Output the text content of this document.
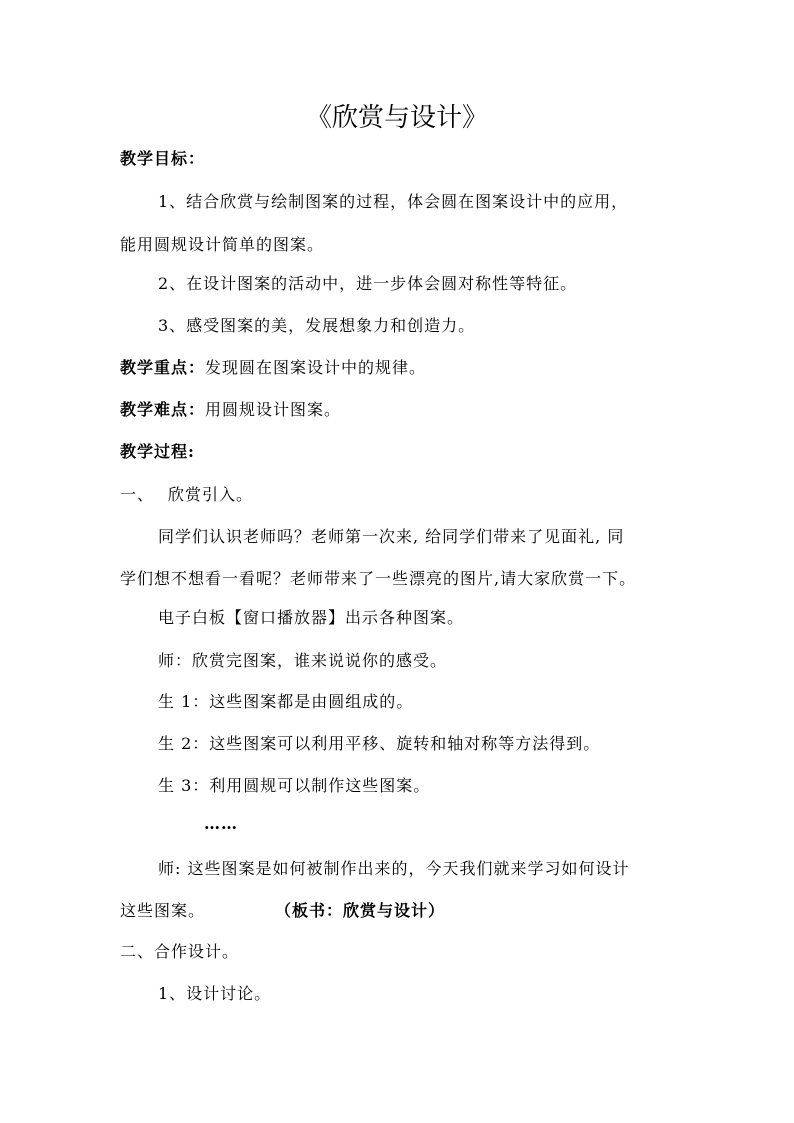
《欣赏与设计》
教学目标：
1、结合欣赏与绘制图案的过程，体会圆在图案设计中的应用，
能用圆规设计简单的图案。
2、在设计图案的活动中，进一步体会圆对称性等特征。
3、感受图案的美，发展想象力和创造力。
教学重点：发现圆在图案设计中的规律。
教学难点：用圆规设计图案。
教学过程:
一、 欣赏引入。
同学们认识老师吗？老师第一次来, 给同学们带来了见面礼, 同
学们想不想看一看呢？老师带来了一些漂亮的图片,请大家欣赏一下。
电子白板【窗口播放器】出示各种图案。
师：欣赏完图案，谁来说说你的感受。
生 1：这些图案都是由圆组成的。
生 2：这些图案可以利用平移、旋转和轴对称等方法得到。
生 3：利用圆规可以制作这些图案。
……
师: 这些图案是如何被制作出来的，今天我们就来学习如何设计
这些图案。	（板书：欣赏与设计）
二、合作设计。
1、设计讨论。
